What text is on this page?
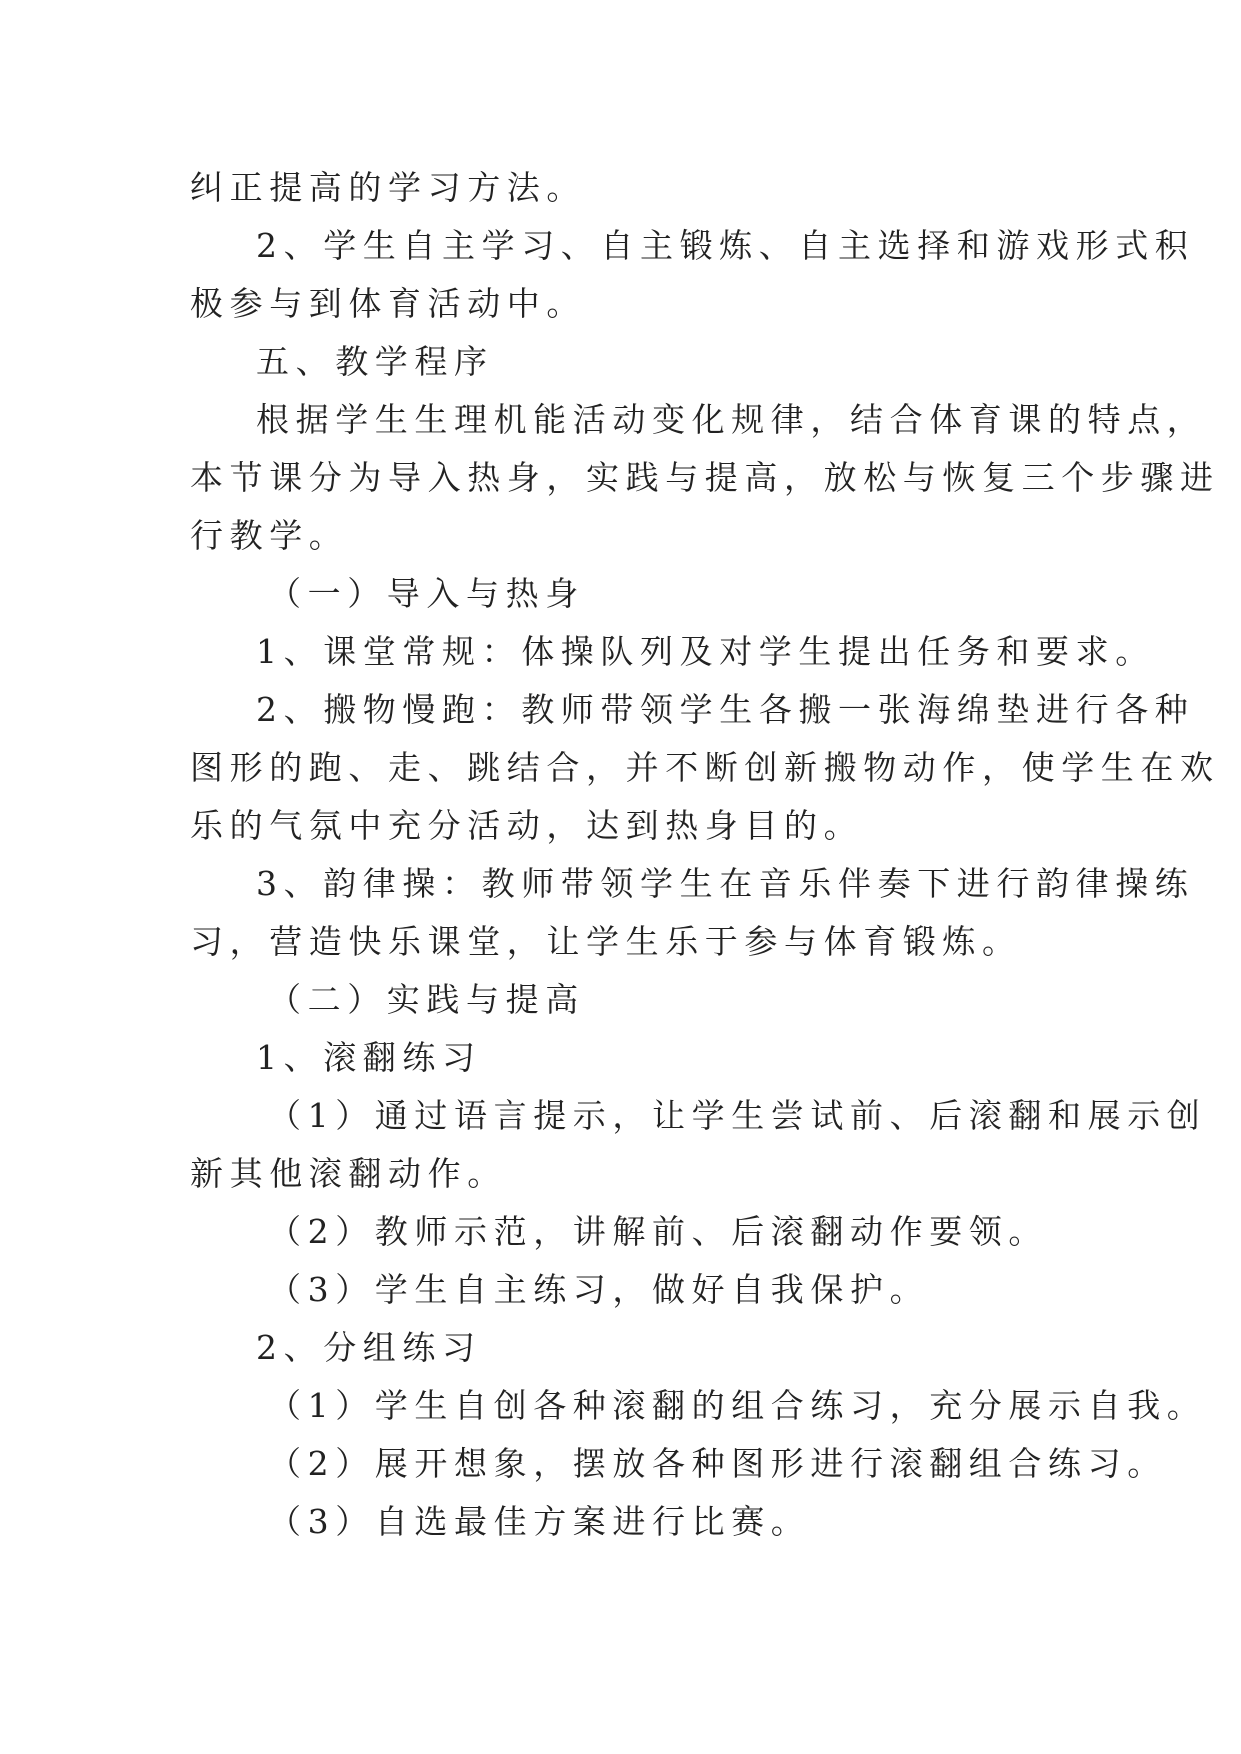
纠正提高的学习方法。
2、学生自主学习、自主锻炼、自主选择和游戏形式积
极参与到体育活动中。
五、教学程序
根据学生生理机能活动变化规律，结合体育课的特点，
本节课分为导入热身，实践与提高，放松与恢复三个步骤进
行教学。
（一）导入与热身
1、课堂常规：体操队列及对学生提出任务和要求。
2、搬物慢跑：教师带领学生各搬一张海绵垫进行各种
图形的跑、走、跳结合，并不断创新搬物动作，使学生在欢
乐的气氛中充分活动，达到热身目的。
3、韵律操：教师带领学生在音乐伴奏下进行韵律操练
习，营造快乐课堂，让学生乐于参与体育锻炼。
（二）实践与提高
1、滚翻练习
（1）通过语言提示，让学生尝试前、后滚翻和展示创
新其他滚翻动作。
（2）教师示范，讲解前、后滚翻动作要领。
（3）学生自主练习，做好自我保护。
2、分组练习
（1）学生自创各种滚翻的组合练习，充分展示自我。
（2）展开想象，摆放各种图形进行滚翻组合练习。
（3）自选最佳方案进行比赛。
